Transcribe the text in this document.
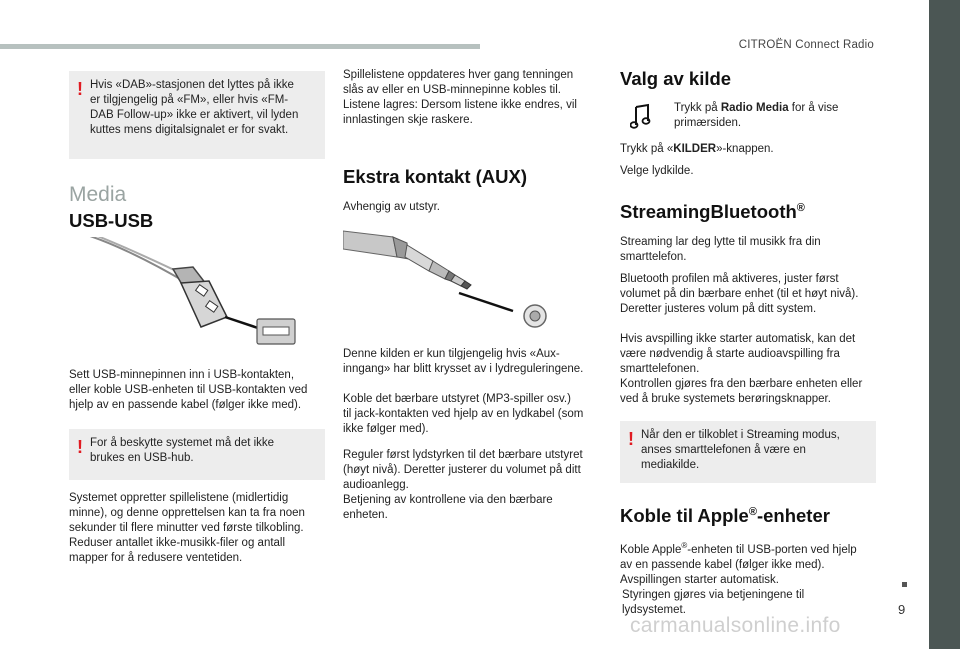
CITROËN Connect Radio
9
carmanualsonline.info
! Hvis «DAB»-stasjonen det lyttes på ikke

er tilgjengelig på «FM», eller hvis «FM-

DAB Follow-up» ikke er aktivert, vil lyden

kuttes mens digitalsignalet er for svakt.

Media
USB-USB

Sett USB-minnepinnen inn i USB-kontakten,

eller koble USB-enheten til USB-kontakten ved

hjelp av en passende kabel (følger ikke med).

! For å beskytte systemet må det ikke

brukes en USB-hub.

Systemet oppretter spillelistene (midlertidig

minne), og denne opprettelsen kan ta fra noen

sekunder til flere minutter ved første tilkobling.

Reduser antallet ikke-musikk-filer og antall

mapper for å redusere ventetiden.

Spillelistene oppdateres hver gang tenningen

slås av eller en USB-minnepinne kobles til.

Listene lagres: Dersom listene ikke endres, vil

innlastingen skje raskere.

Ekstra kontakt (AUX)

Avhengig av utstyr.

Denne kilden er kun tilgjengelig hvis «Aux-

inngang» har blitt krysset av i lydreguleringene.

Koble det bærbare utstyret (MP3-spiller osv.)

til jack-kontakten ved hjelp av en lydkabel (som

ikke følger med).

Reguler først lydstyrken til det bærbare utstyret

(høyt nivå). Deretter justerer du volumet på ditt

audioanlegg.

Betjening av kontrollene via den bærbare

enheten.

Valg av kilde

Trykk på Radio Media for å vise

primærsiden.

Trykk på «KILDER»-knappen.

Velge lydkilde.

StreamingBluetooth®

Streaming lar deg lytte til musikk fra din

smarttelefon.

Bluetooth profilen må aktiveres, juster først

volumet på din bærbare enhet (til et høyt nivå).

Deretter justeres volum på ditt system.

Hvis avspilling ikke starter automatisk, kan det

være nødvendig å starte audioavspilling fra

smarttelefonen.

Kontrollen gjøres fra den bærbare enheten eller

ved å bruke systemets berøringsknapper.

! Når den er tilkoblet i Streaming modus,

anses smarttelefonen å være en

mediakilde.

Koble til Apple®-enheter

Koble Apple®-enheten til USB-porten ved hjelp

av en passende kabel (følger ikke med).

Avspillingen starter automatisk.

Styringen gjøres via betjeningene til

lydsystemet.
